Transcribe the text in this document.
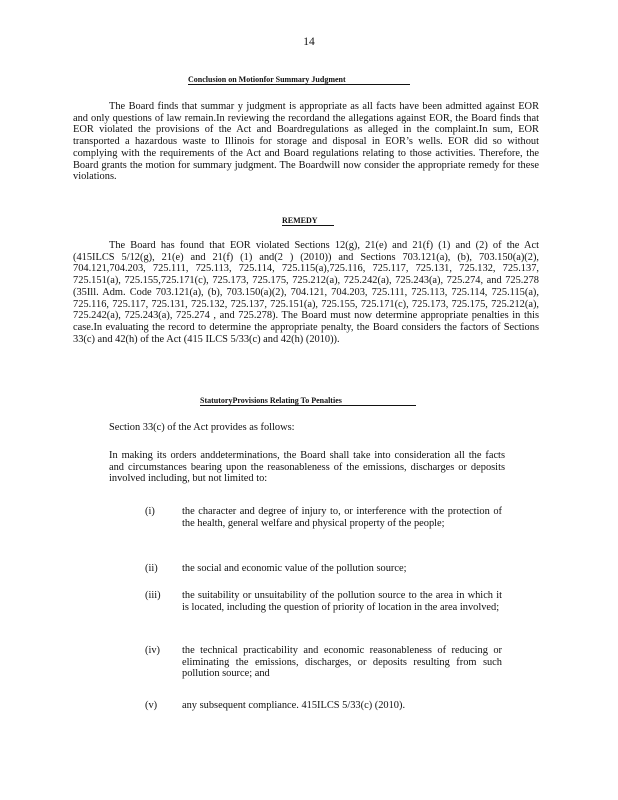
14
Conclusion on Motionfor Summary Judgment
The Board finds that summar y judgment is appropriate as all facts have been admitted against EOR and only questions of law remain.In reviewing the recordand the allegations against EOR, the Board finds that EOR violated the provisions of the Act and Boardregulations as alleged in the complaint.In sum, EOR transported a hazardous waste to Illinois for storage and disposal in EOR’s wells. EOR did so without complying with the requirements of the Act and Board regulations relating to those activities. Therefore, the Board grants the motion for summary judgment. The Boardwill now consider the appropriate remedy for these violations.
REMEDY
The Board has found that EOR violated Sections 12(g), 21(e) and 21(f) (1) and (2) of the Act (415ILCS 5/12(g), 21(e) and 21(f) (1) and(2 ) (2010)) and Sections 703.121(a), (b), 703.150(a)(2), 704.121,704.203, 725.111, 725.113, 725.114, 725.115(a),725.116, 725.117, 725.131, 725.132, 725.137, 725.151(a), 725.155,725.171(c), 725.173, 725.175, 725.212(a), 725.242(a), 725.243(a), 725.274, and 725.278 (35Ill. Adm. Code 703.121(a), (b), 703.150(a)(2), 704.121, 704.203, 725.111, 725.113, 725.114, 725.115(a), 725.116, 725.117, 725.131, 725.132, 725.137, 725.151(a), 725.155, 725.171(c), 725.173, 725.175, 725.212(a), 725.242(a), 725.243(a), 725.274 , and 725.278). The Board must now determine appropriate penalties in this case.In evaluating the record to determine the appropriate penalty, the Board considers the factors of Sections 33(c) and 42(h) of the Act (415 ILCS 5/33(c) and 42(h) (2010)).
StatutoryProvisions Relating To Penalties
Section 33(c) of the Act provides as follows:
In making its orders anddeterminations, the Board shall take into consideration all the facts and circumstances bearing upon the reasonableness of the emissions, discharges or deposits involved including, but not limited to:
(i)	the character and degree of injury to, or interference with the protection of the health, general welfare and physical property of the people;
(ii) the social and economic value of the pollution source;
(iii) the suitability or unsuitability of the pollution source to the area in which it is located, including the question of priority of location in the area involved;
(iv) the technical practicability and economic reasonableness of reducing or eliminating the emissions, discharges, or deposits resulting from such pollution source; and
(v) any subsequent compliance. 415ILCS 5/33(c) (2010).
